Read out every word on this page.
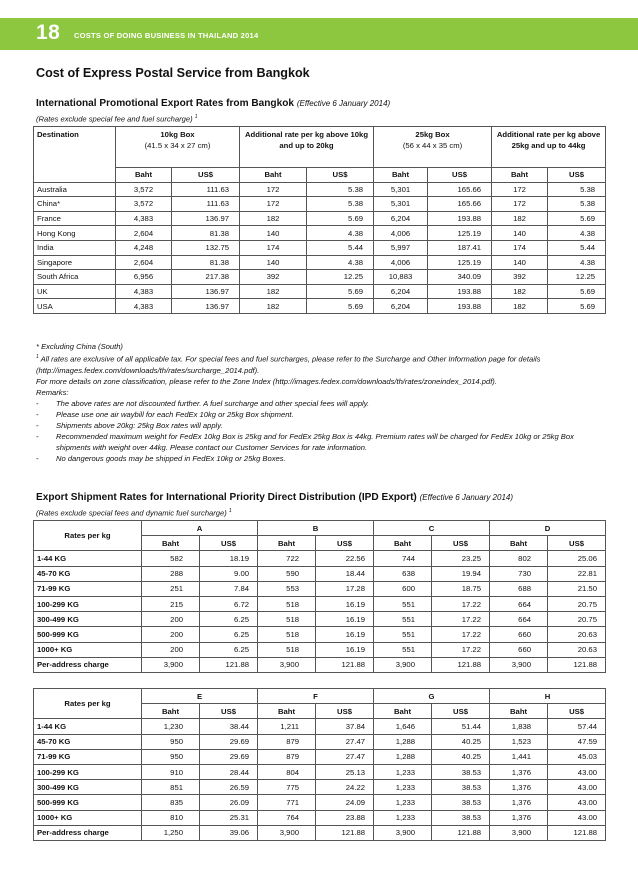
18 COSTS OF DOING BUSINESS IN THAILAND 2014
Cost of Express Postal Service from Bangkok
International Promotional Export Rates from Bangkok (Effective 6 January 2014)
(Rates exclude special fee and fuel surcharge) $^1$
Destination	10kg Box
(41.5 x 34 x 27 cm)		Additional rate per kg above 10kg and up to 20kg		25kg Box
(56 x 44 x 35 cm)		Additional rate per kg above 25kg and up to 44kg	
	Baht	US$	Baht	US$	Baht	US$	Baht	US$
Australia	3,572	111.63	172	5.38	5,301	165.66	172	5.38
China*	3,572	111.63	172	5.38	5,301	165.66	172	5.38
France	4,383	136.97	182	5.69	6,204	193.88	182	5.69
Hong Kong	2,604	81.38	140	4.38	4,006	125.19	140	4.38
India	4,248	132.75	174	5.44	5,997	187.41	174	5.44
Singapore	2,604	81.38	140	4.38	4,006	125.19	140	4.38
South Africa	6,956	217.38	392	12.25	10,883	340.09	392	12.25
UK	4,383	136.97	182	5.69	6,204	193.88	182	5.69
USA	4,383	136.97	182	5.69	6,204	193.88	182	5.69

* Excluding China (South)

$^1$ All rates are exclusive of all applicable tax. For special fees and fuel surcharges, please refer to the Surcharge and Other Information page for details (http://images.fedex.com/downloads/th/rates/surcharge_2014.pdf).

For more details on zone classification, please refer to the Zone Index (http://images.fedex.com/downloads/th/rates/zoneindex_2014.pdf).

Remarks:

- The above rates are not discounted further. A fuel surcharge and other special fees will apply.

- Please use one air waybill for each FedEx 10kg or 25kg Box shipment.

- Shipments above 20kg: 25kg Box rates will apply.

- Recommended maximum weight for FedEx 10kg Box is 25kg and for FedEx 25kg Box is 44kg. Premium rates will be charged for FedEx 10kg or 25kg Box shipments with weight over 44kg. Please contact our Customer Services for rate information.

- No dangerous goods may be shipped in FedEx 10kg or 25kg Boxes.

Export Shipment Rates for International Priority Direct Distribution (IPD Export) (Effective 6 January 2014)
(Rates exclude special fees and dynamic fuel surcharge) $^1$
Rates per kg	A		B		C		D	
	Baht	US$	Baht	US$	Baht	US$	Baht	US$
1-44 KG	582	18.19	722	22.56	744	23.25	802	25.06
45-70 KG	288	9.00	590	18.44	638	19.94	730	22.81
71-99 KG	251	7.84	553	17.28	600	18.75	688	21.50
100-299 KG	215	6.72	518	16.19	551	17.22	664	20.75
300-499 KG	200	6.25	518	16.19	551	17.22	664	20.75
500-999 KG	200	6.25	518	16.19	551	17.22	660	20.63
1000+ KG	200	6.25	518	16.19	551	17.22	660	20.63
Per-address charge	3,900	121.88	3,900	121.88	3,900	121.88	3,900	121.88
Rates per kg	E		F		G		H	
	Baht	US$	Baht	US$	Baht	US$	Baht	US$
1-44 KG	1,230	38.44	1,211	37.84	1,646	51.44	1,838	57.44
45-70 KG	950	29.69	879	27.47	1,288	40.25	1,523	47.59
71-99 KG	950	29.69	879	27.47	1,288	40.25	1,441	45.03
100-299 KG	910	28.44	804	25.13	1,233	38.53	1,376	43.00
300-499 KG	851	26.59	775	24.22	1,233	38.53	1,376	43.00
500-999 KG	835	26.09	771	24.09	1,233	38.53	1,376	43.00
1000+ KG	810	25.31	764	23.88	1,233	38.53	1,376	43.00
Per-address charge	1,250	39.06	3,900	121.88	3,900	121.88	3,900	121.88
